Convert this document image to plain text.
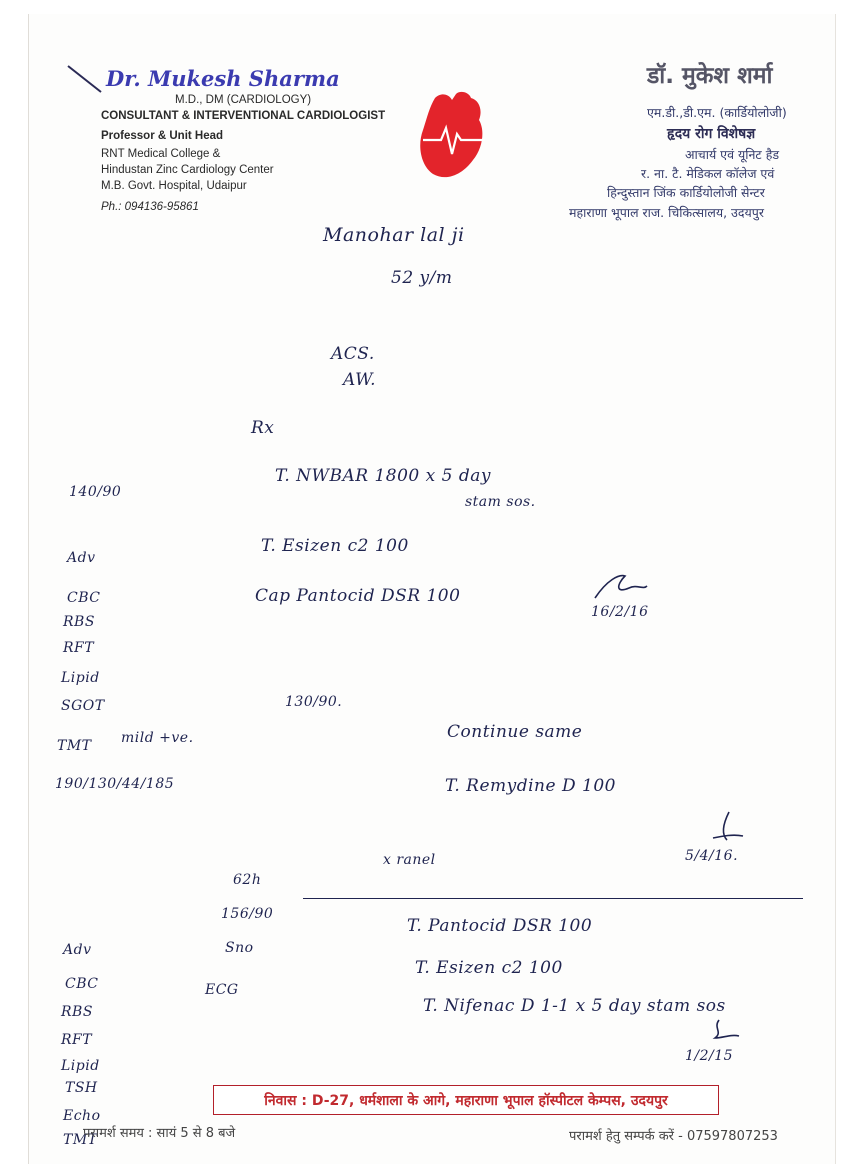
Dr. Mukesh Sharma
M.D., DM (CARDIOLOGY)
CONSULTANT & INTERVENTIONAL CARDIOLOGIST
Professor & Unit Head
RNT Medical College &
Hindustan Zinc Cardiology Center
M.B. Govt. Hospital, Udaipur
Ph.: 094136-95861
डॉ. मुकेश शर्मा
एम.डी.,डी.एम. (कार्डियोलोजी)
हृदय रोग विशेषज्ञ
आचार्य एवं यूनिट हैड
र. ना. टै. मेडिकल कॉलेज एवं
हिन्दुस्तान जिंक कार्डियोलोजी सेन्टर
महाराणा भूपाल राज. चिकित्सालय, उदयपुर
Manohar lal ji
52 y/m
ACS.
AW.
Rx
140/90
T. NWBAR 1800 x 5 day
stam sos.
T. Esizen c2 100
Cap Pantocid DSR 100
16/2/16
Adv
CBC
RBS
RFT
Lipid
SGOT
TMT mild +ve.
190/130/44/185
130/90.
Continue same
T. Remydine D 100
5/4/16.
x ranel
62h
156/90
Sno
ECG
T. Pantocid DSR 100
T. Esizen c2 100
T. Nifenac D 1-1 x 5 day stam sos
1/2/15
Adv
CBC
RBS
RFT
Lipid
TSH
Echo
TMT
निवास : D-27, धर्मशाला के आगे, महाराणा भूपाल हॉस्पीटल केम्पस, उदयपुर
परामर्श समय : सायं 5 से 8 बजे	परामर्श हेतु सम्पर्क करें - 07597807253
